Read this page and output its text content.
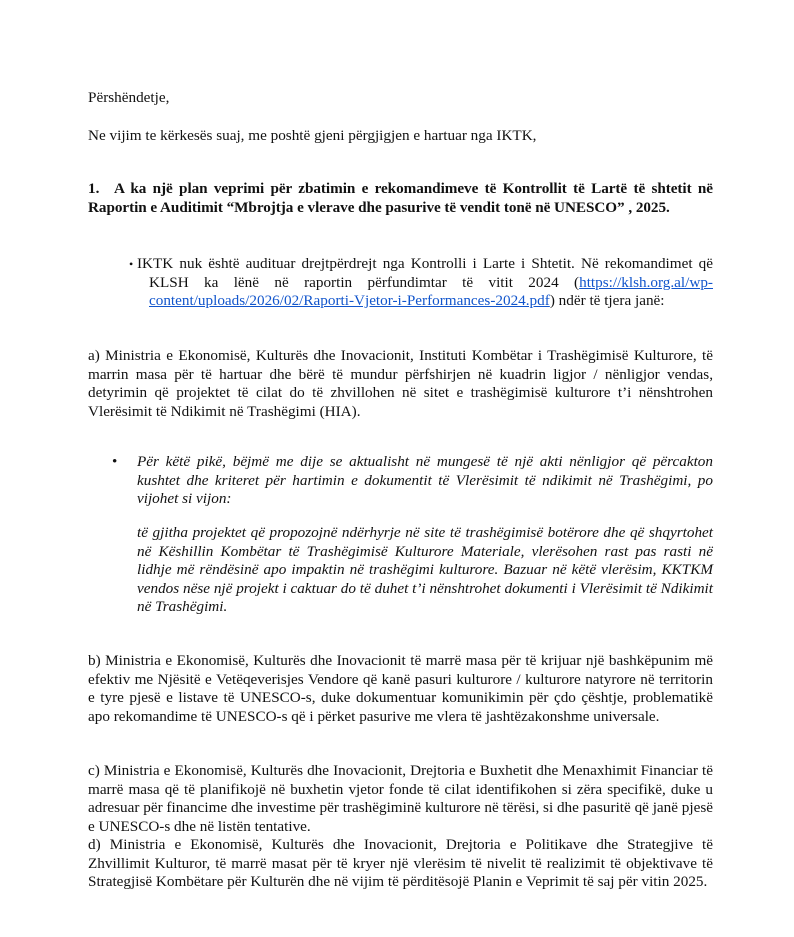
Përshëndetje,

Ne vijim te kërkesës suaj, me poshtë gjeni përgjigjen e hartuar nga IKTK,

1. A ka një plan veprimi për zbatimin e rekomandimeve të Kontrollit të Lartë të shtetit në Raportin e Auditimit “Mbrojtja e vlerave dhe pasurive të vendit tonë në UNESCO” , 2025.

• IKTK nuk është audituar drejtpërdrejt nga Kontrolli i Larte i Shtetit. Në rekomandimet që KLSH ka lënë në raportin përfundimtar të vitit 2024 (https://klsh.org.al/wp-content/uploads/2026/02/Raporti-Vjetor-i-Performances-2024.pdf) ndër të tjera janë:

a) Ministria e Ekonomisë, Kulturës dhe Inovacionit, Instituti Kombëtar i Trashëgimisë Kulturore, të marrin masa për të hartuar dhe bërë të mundur përfshirjen në kuadrin ligjor / nënligjor vendas, detyrimin që projektet të cilat do të zhvillohen në sitet e trashëgimisë kulturore t’i nënshtrohen Vlerësimit të Ndikimit në Trashëgimi (HIA).

• Për këtë pikë, bëjmë me dije se aktualisht në mungesë të një akti nënligjor që përcakton kushtet dhe kriteret për hartimin e dokumentit të Vlerësimit të ndikimit në Trashëgimi, po vijohet si vijon:

të gjitha projektet që propozojnë ndërhyrje në site të trashëgimisë botërore dhe që shqyrtohet në Këshillin Kombëtar të Trashëgimisë Kulturore Materiale, vlerësohen rast pas rasti në lidhje më rëndësinë apo impaktin në trashëgimi kulturore. Bazuar në këtë vlerësim, KKTKM vendos nëse një projekt i caktuar do të duhet t’i nënshtrohet dokumenti i Vlerësimit të Ndikimit në Trashëgimi.

b) Ministria e Ekonomisë, Kulturës dhe Inovacionit të marrë masa për të krijuar një bashkëpunim më efektiv me Njësitë e Vetëqeverisjes Vendore që kanë pasuri kulturore / kulturore natyrore në territorin e tyre pjesë e listave të UNESCO-s, duke dokumentuar komunikimin për çdo çështje, problematikë apo rekomandime të UNESCO-s që i përket pasurive me vlera të jashtëzakonshme universale.

c) Ministria e Ekonomisë, Kulturës dhe Inovacionit, Drejtoria e Buxhetit dhe Menaxhimit Financiar të marrë masa që të planifikojë në buxhetin vjetor fonde të cilat identifikohen si zëra specifikë, duke u adresuar për financime dhe investime për trashëgiminë kulturore në tërësi, si dhe pasuritë që janë pjesë e UNESCO-s dhe në listën tentative.

d) Ministria e Ekonomisë, Kulturës dhe Inovacionit, Drejtoria e Politikave dhe Strategjive të Zhvillimit Kulturor, të marrë masat për të kryer një vlerësim të nivelit të realizimit të objektivave të Strategjisë Kombëtare për Kulturën dhe në vijim të përditësojë Planin e Veprimit të saj për vitin 2025.
